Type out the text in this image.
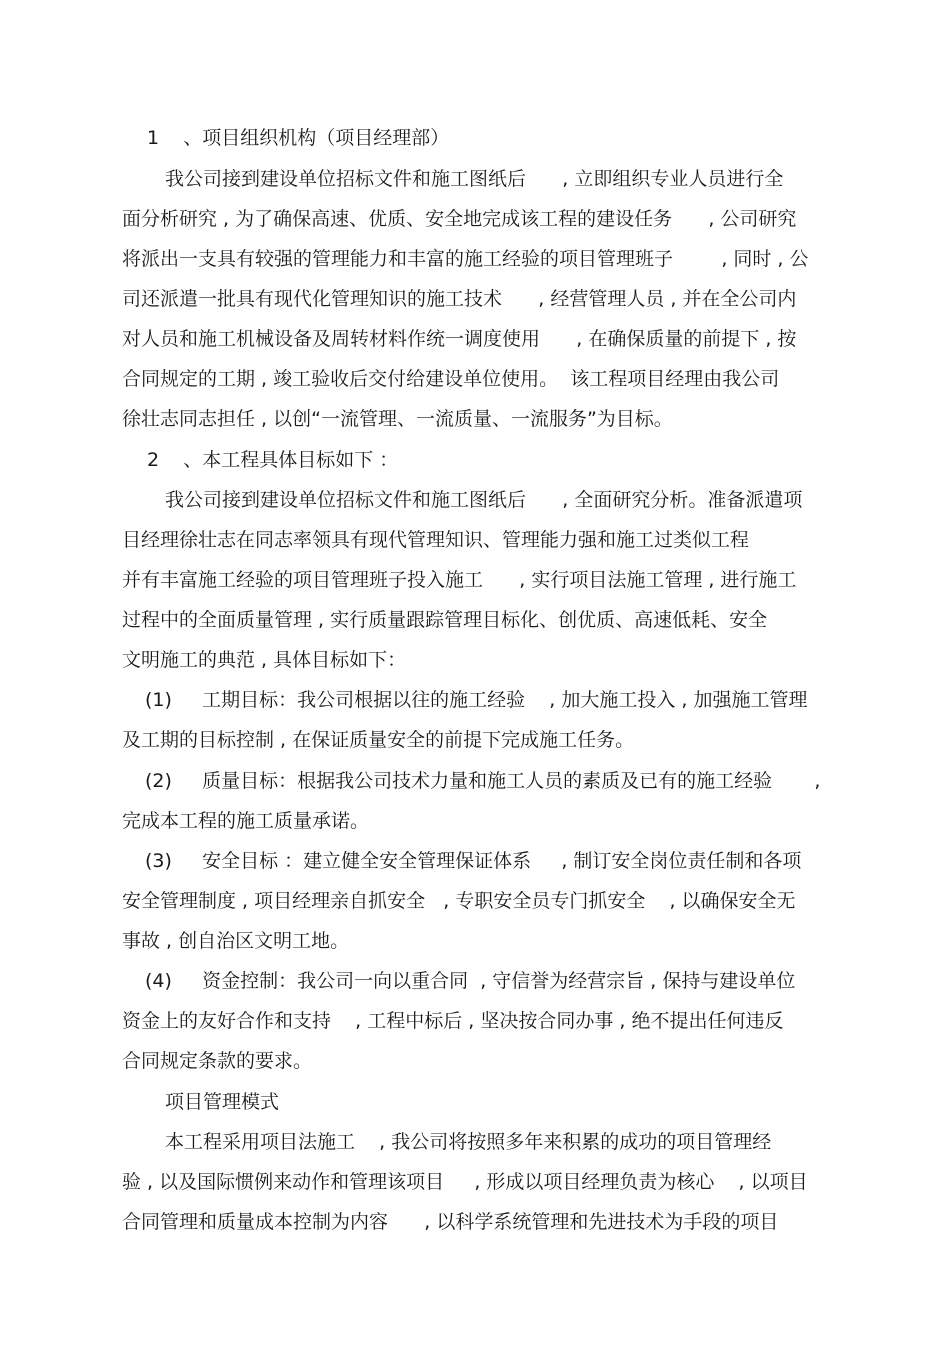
1    、项目组织机构（项目经理部）
我公司接到建设单位招标文件和施工图纸后      , 立即组织专业人员进行全
面分析研究 , 为了确保高速、优质、安全地完成该工程的建设任务      , 公司研究
将派出一支具有较强的管理能力和丰富的施工经验的项目管理班子        , 同时 , 公
司还派遣一批具有现代化管理知识的施工技术      , 经营管理人员 , 并在全公司内
对人员和施工机械设备及周转材料作统一调度使用      , 在确保质量的前提下 , 按
合同规定的工期 , 竣工验收后交付给建设单位使用。  该工程项目经理由我公司
徐壮志同志担任 , 以创“一流管理、一流质量、一流服务”为目标。
2    、本工程具体目标如下 ：
我公司接到建设单位招标文件和施工图纸后      , 全面研究分析。准备派遣项
目经理徐壮志在同志率领具有现代管理知识、管理能力强和施工过类似工程
并有丰富施工经验的项目管理班子投入施工      , 实行项目法施工管理 , 进行施工
过程中的全面质量管理 , 实行质量跟踪管理目标化、创优质、高速低耗、安全
文明施工的典范 , 具体目标如下：
(1)     工期目标：我公司根据以往的施工经验    , 加大施工投入 , 加强施工管理
及工期的目标控制 , 在保证质量安全的前提下完成施工任务。
(2)     质量目标：根据我公司技术力量和施工人员的素质及已有的施工经验       ,
完成本工程的施工质量承诺。
(3)     安全目标 ：建立健全安全管理保证体系     , 制订安全岗位责任制和各项
安全管理制度 , 项目经理亲自抓安全   , 专职安全员专门抓安全    , 以确保安全无
事故 , 创自治区文明工地。
(4)     资金控制：我公司一向以重合同  , 守信誉为经营宗旨 , 保持与建设单位
资金上的友好合作和支持    , 工程中标后 , 坚决按合同办事 , 绝不提出任何违反
合同规定条款的要求。
项目管理模式
本工程采用项目法施工    , 我公司将按照多年来积累的成功的项目管理经
验 , 以及国际惯例来动作和管理该项目     , 形成以项目经理负责为核心    , 以项目
合同管理和质量成本控制为内容      , 以科学系统管理和先进技术为手段的项目
